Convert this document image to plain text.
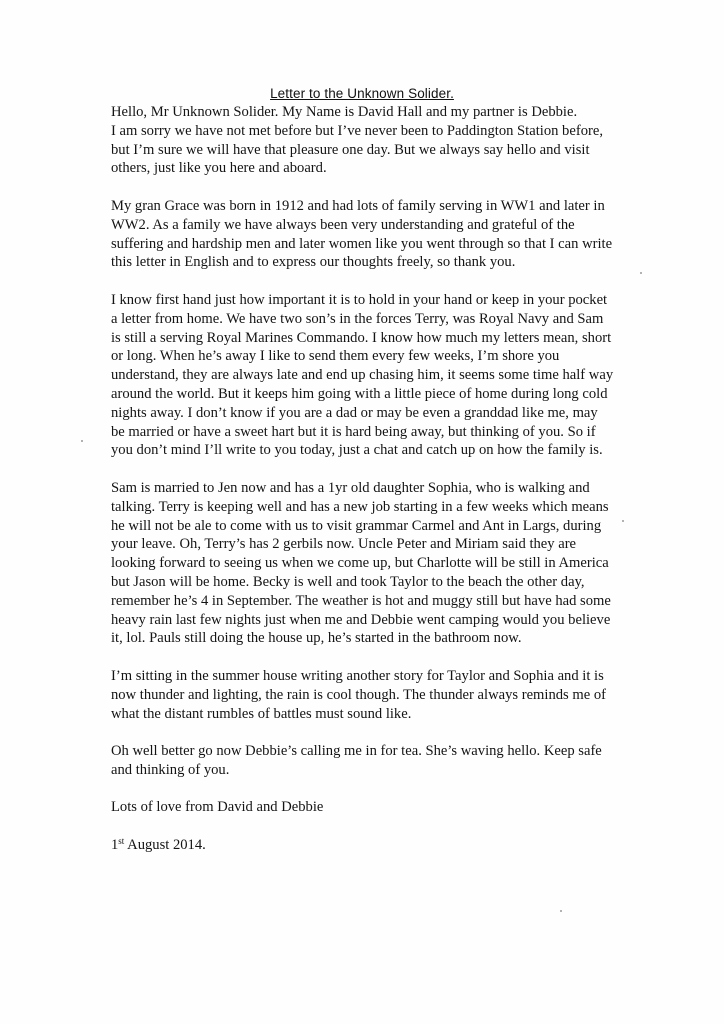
Letter to the Unknown Solider.

Hello, Mr Unknown Solider. My Name is David Hall and my partner is Debbie.
I am sorry we have not met before but I’ve never been to Paddington Station before,
but I’m sure we will have that pleasure one day. But we always say hello and visit
others, just like you here and aboard.

My gran Grace was born in 1912 and had lots of family serving in WW1 and later in
WW2. As a family we have always been very understanding and grateful of the
suffering and hardship men and later women like you went through so that I can write
this letter in English and to express our thoughts freely, so thank you.

I know first hand just how important it is to hold in your hand or keep in your pocket
a letter from home. We have two son’s in the forces Terry, was Royal Navy and Sam
is still a serving Royal Marines Commando. I know how much my letters mean, short
or long. When he’s away I like to send them every few weeks, I’m shore you
understand, they are always late and end up chasing him, it seems some time half way
around the world. But it keeps him going with a little piece of home during long cold
nights away. I don’t know if you are a dad or may be even a granddad like me, may
be married or have a sweet hart but it is hard being away, but thinking of you. So if
you don’t mind I’ll write to you today, just a chat and catch up on how the family is.

Sam is married to Jen now and has a 1yr old daughter Sophia, who is walking and
talking. Terry is keeping well and has a new job starting in a few weeks which means
he will not be ale to come with us to visit grammar Carmel and Ant in Largs, during
your leave. Oh, Terry’s has 2 gerbils now. Uncle Peter and Miriam said they are
looking forward to seeing us when we come up, but Charlotte will be still in America
but Jason will be home. Becky is well and took Taylor to the beach the other day,
remember he’s 4 in September. The weather is hot and muggy still but have had some
heavy rain last few nights just when me and Debbie went camping would you believe
it, lol. Pauls still doing the house up, he’s started in the bathroom now.

I’m sitting in the summer house writing another story for Taylor and Sophia and it is
now thunder and lighting, the rain is cool though. The thunder always reminds me of
what the distant rumbles of battles must sound like.

Oh well better go now Debbie’s calling me in for tea. She’s waving hello. Keep safe
and thinking of you.

Lots of love from David and Debbie

1st August 2014.
